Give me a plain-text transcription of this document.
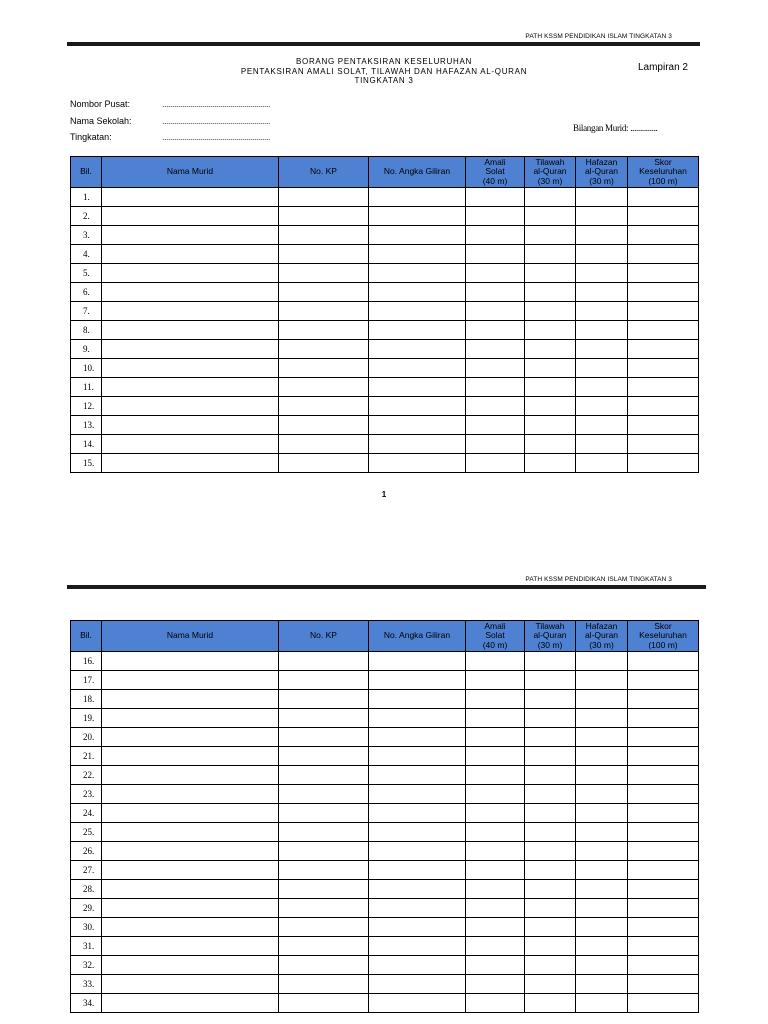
PATH KSSM PENDIDIKAN ISLAM TINGKATAN 3
BORANG PENTAKSIRAN KESELURUHAN
PENTAKSIRAN AMALI SOLAT, TILAWAH DAN HAFAZAN AL-QURAN
TINGKATAN 3
Lampiran 2
Nombor Pusat:	......................................................
Nama Sekolah:	......................................................
Tingkatan:	......................................................
Bilangan Murid: ..............
Bil.	Nama Murid	No. KP	No. Angka Giliran	Amali
Solat
(40 m)	Tilawah
al-Quran
(30 m)	Hafazan
al-Quran
(30 m)	Skor
Keseluruhan
(100 m)
1.							
2.							
3.							
4.							
5.							
6.							
7.							
8.							
9.							
10.							
11.							
12.							
13.							
14.							
15.							
1
PATH KSSM PENDIDIKAN ISLAM TINGKATAN 3
Bil.	Nama Murid	No. KP	No. Angka Giliran	Amali
Solat
(40 m)	Tilawah
al-Quran
(30 m)	Hafazan
al-Quran
(30 m)	Skor
Keseluruhan
(100 m)
16.							
17.							
18.							
19.							
20.							
21.							
22.							
23.							
24.							
25.							
26.							
27.							
28.							
29.							
30.							
31.							
32.							
33.							
34.							
